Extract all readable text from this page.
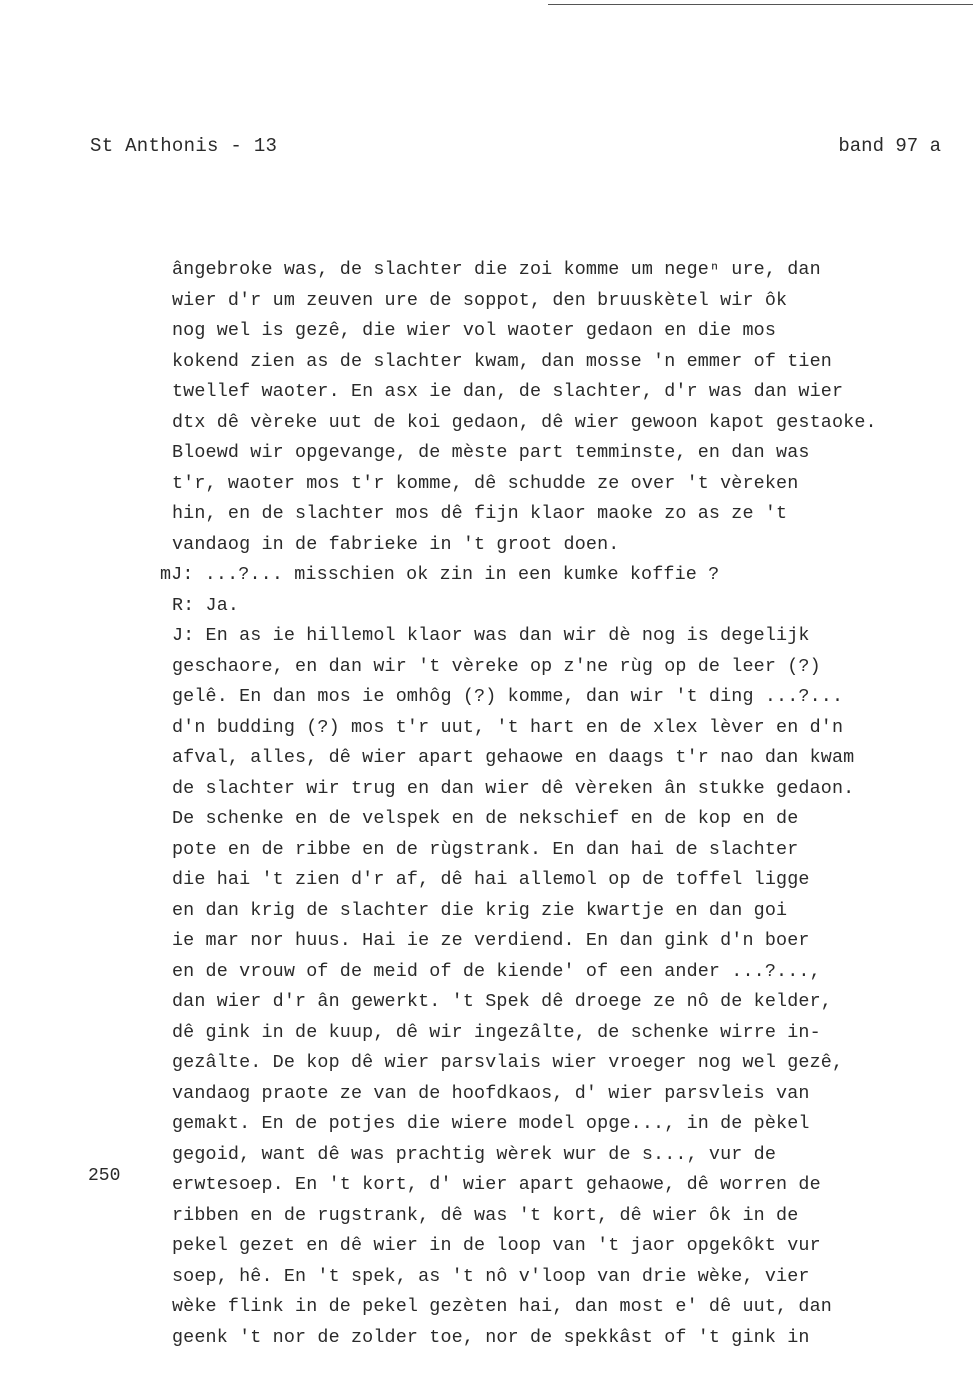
St Anthonis - 13	band 97 a
250
ângebroke was, de slachter die zoi komme um negeⁿ ure, dan
wier d'r um zeuven ure de soppot, den bruuskètel wir ôk
nog wel is gezê, die wier vol waoter gedaon en die mos
kokend zien as de slachter kwam, dan mosse 'n emmer of tien
twellef waoter. En asx ie dan, de slachter, d'r was dan wier
dtx dê vèreke uut de koi gedaon, dê wier gewoon kapot gestaoke.
Bloewd wir opgevange, de mèste part temminste, en dan was
t'r, waoter mos t'r komme, dê schudde ze over 't vèreken
hin, en de slachter mos dê fijn klaor maoke zo as ze 't
vandaog in de fabrieke in 't groot doen.
mJ: ...?... misschien ok zin in een kumke koffie ?
R: Ja.
J: En as ie hillemol klaor was dan wir dè nog is degelijk
geschaore, en dan wir 't vèreke op z'ne rùg op de leer (?)
gelê. En dan mos ie omhôg (?) komme, dan wir 't ding ...?...
d'n budding (?) mos t'r uut, 't hart en de xlex lèver en d'n
afval, alles, dê wier apart gehaowe en daags t'r nao dan kwam
de slachter wir trug en dan wier dê vèreken ân stukke gedaon.
De schenke en de velspek en de nekschief en de kop en de
pote en de ribbe en de rùgstrank. En dan hai de slachter
die hai 't zien d'r af, dê hai allemol op de toffel ligge
en dan krig de slachter die krig zie kwartje en dan goi
ie mar nor huus. Hai ie ze verdiend. En dan gink d'n boer
en de vrouw of de meid of de kiende' of een ander ...?...,
dan wier d'r ân gewerkt. 't Spek dê droege ze nô de kelder,
dê gink in de kuup, dê wir ingezâlte, de schenke wirre in-
gezâlte. De kop dê wier parsvlais wier vroeger nog wel gezê,
vandaog praote ze van de hoofdkaos, d' wier parsvleis van
gemakt. En de potjes die wiere model opge..., in de pèkel
gegoid, want dê was prachtig wèrek wur de s..., vur de
erwtesoep. En 't kort, d' wier apart gehaowe, dê worren de
ribben en de rugstrank, dê was 't kort, dê wier ôk in de
pekel gezet en dê wier in de loop van 't jaor opgekôkt vur
soep, hê. En 't spek, as 't nô v'loop van drie wèke, vier
wèke flink in de pekel gezèten hai, dan most e' dê uut, dan
geenk 't nor de zolder toe, nor de spekkâst of 't gink in
